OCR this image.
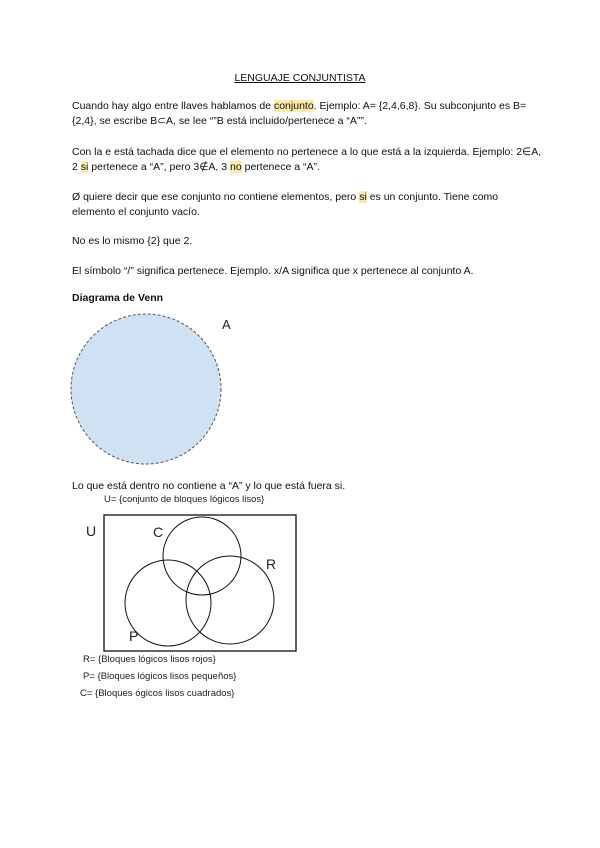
LENGUAJE CONJUNTISTA

Cuando hay algo entre llaves hablamos de conjunto. Ejemplo: A= {2,4,6,8}. Su subconjunto es B= {2,4}, se escribe B⊂A, se lee “”B está incluido/pertenece a “A””.

Con la e está tachada dice que el elemento no pertenece a lo que está a la izquierda. Ejemplo: 2∈A, 2 si pertenece a “A”, pero 3∉A, 3 no pertenece a “A”.

Ø quiere decir que ese conjunto no contiene elementos, pero si es un conjunto. Tiene como elemento el conjunto vacío.

No es lo mismo {2} que 2.

El símbolo “/” significa pertenece. Ejemplo. x/A significa que x pertenece al conjunto A.

Diagrama de Venn

A
U	C
R
P

Lo que está dentro no contiene a “A” y lo que está fuera si.

U= {conjunto de bloques lógicos lisos}

R= {Bloques lógicos lisos rojos}

P= {Bloques lógicos lisos pequeños}

C= {Bloques ógicos lisos cuadrados}
